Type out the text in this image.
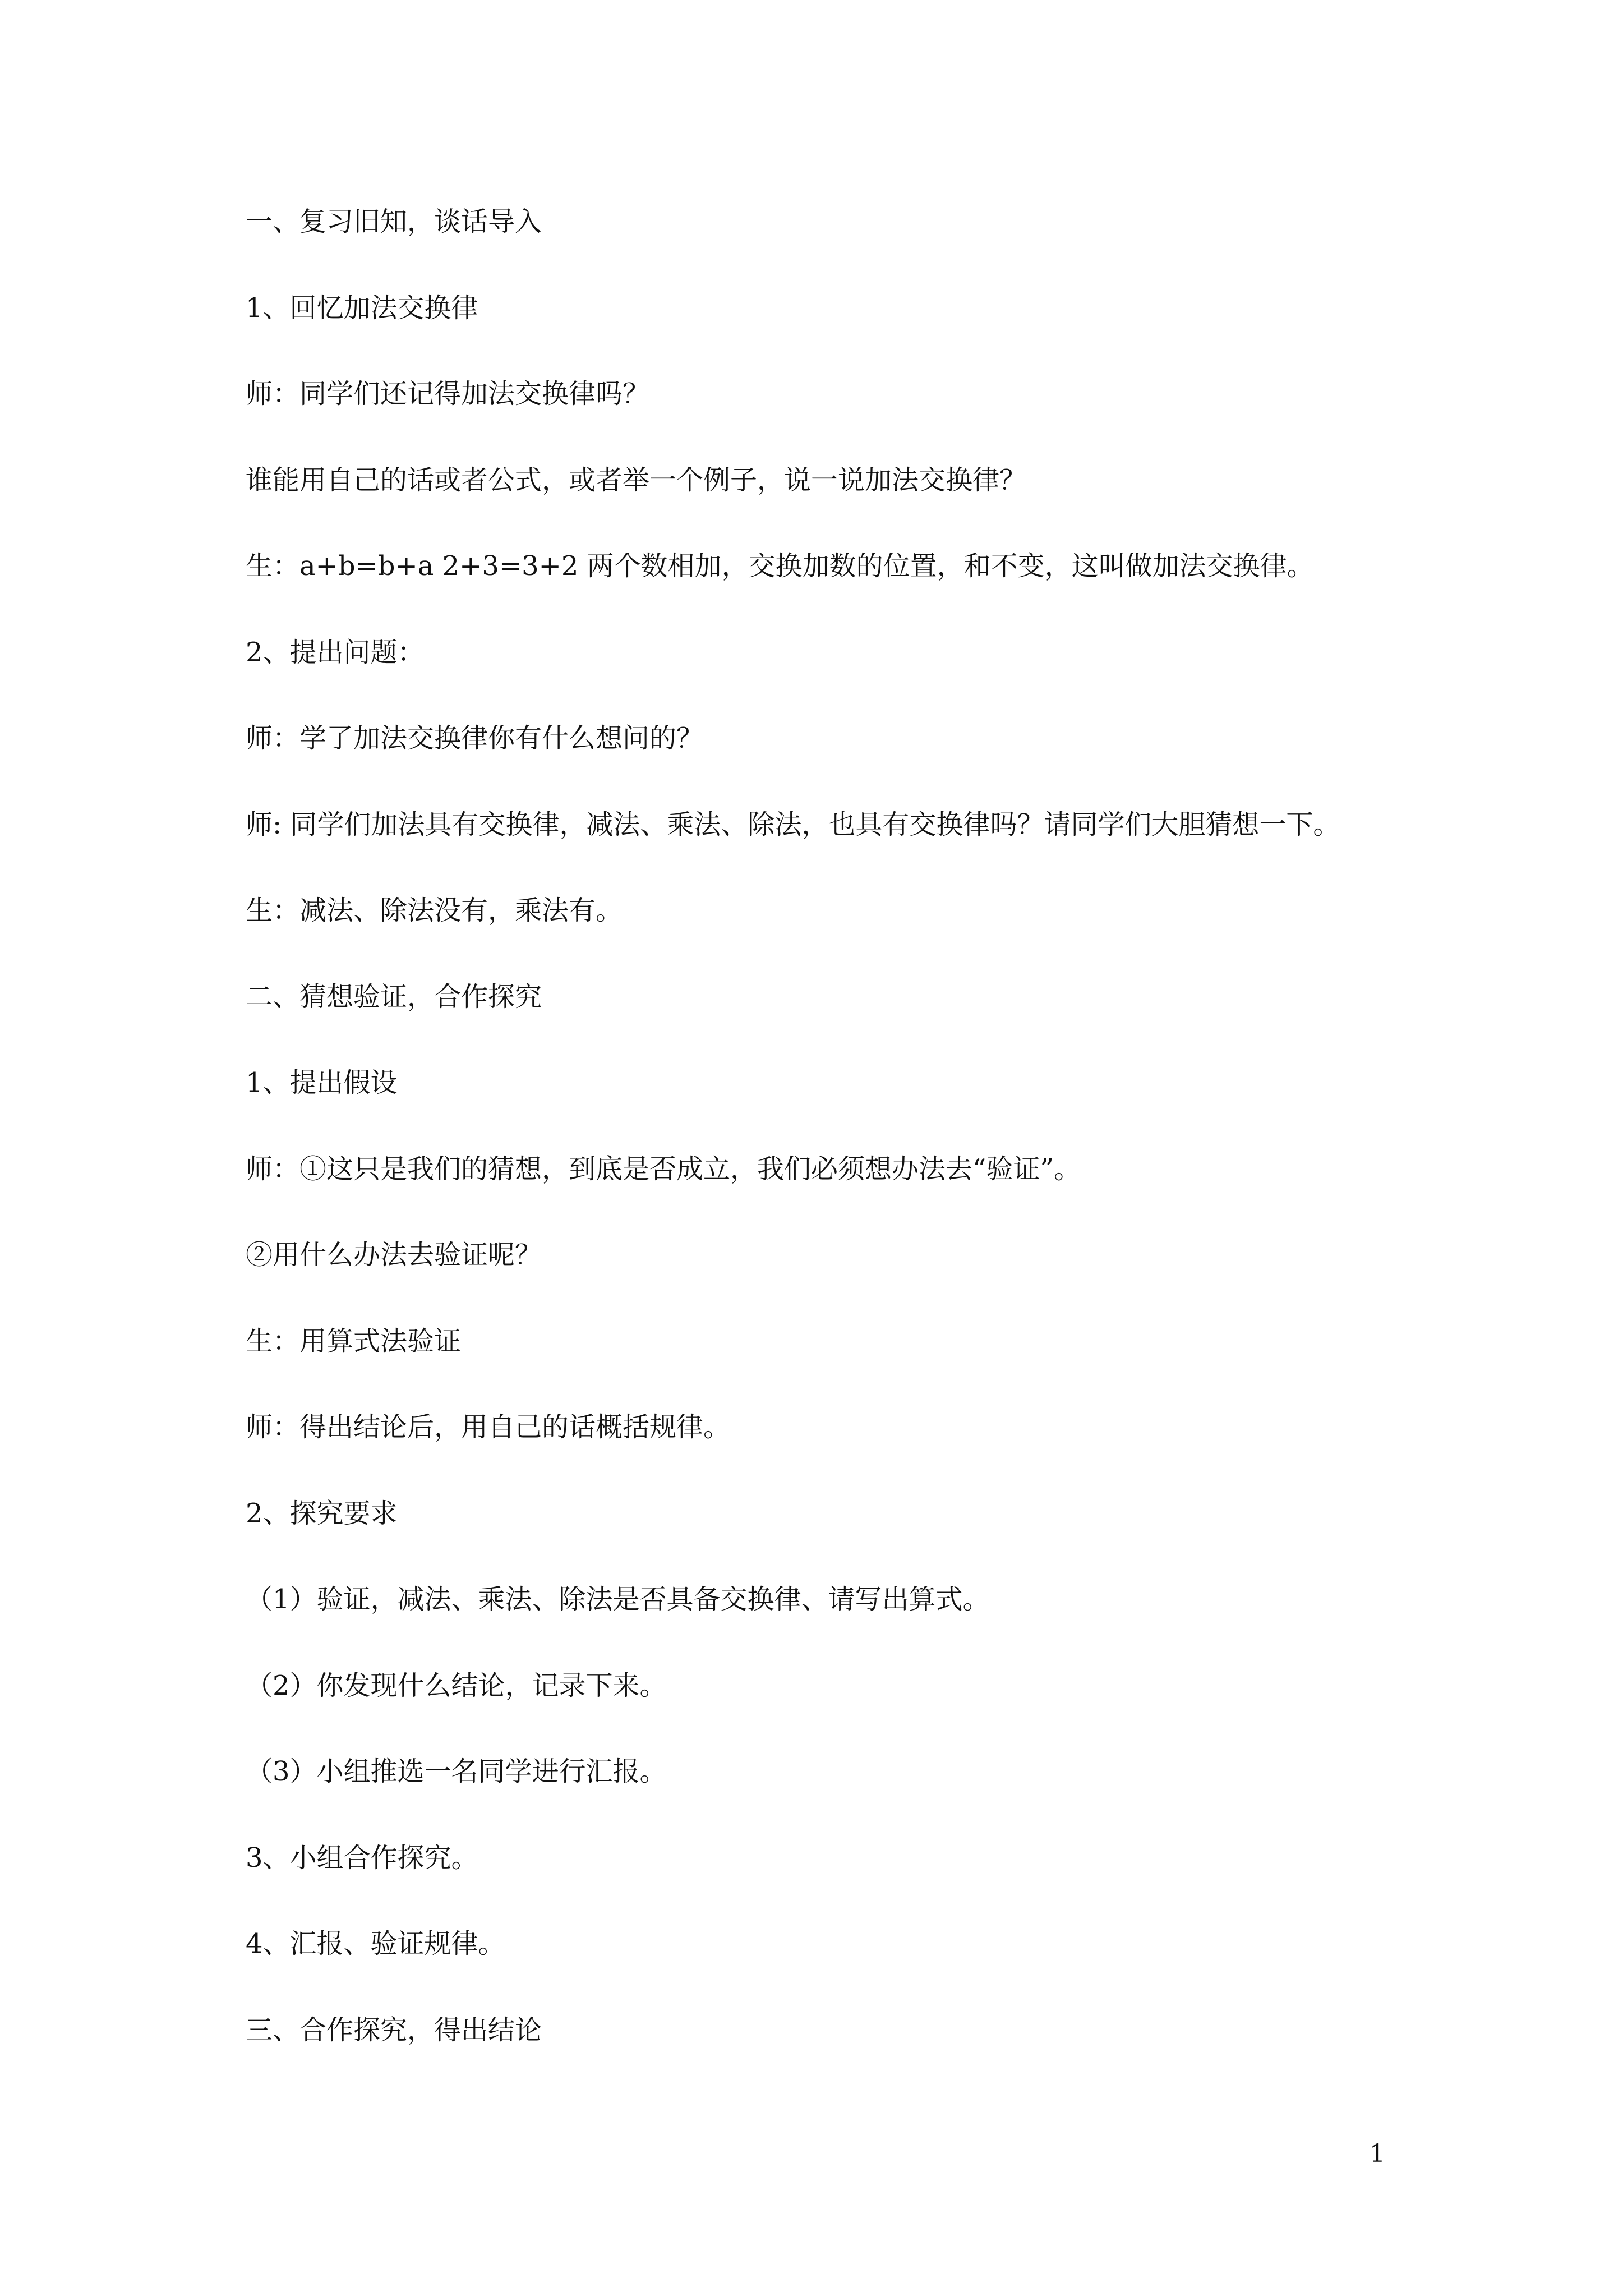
一、复习旧知，谈话导入
1、回忆加法交换律
师：同学们还记得加法交换律吗？
谁能用自己的话或者公式，或者举一个例子，说一说加法交换律？
生：a+b=b+a 2+3=3+2 两个数相加，交换加数的位置，和不变，这叫做加法交换律。
2、提出问题：
师：学了加法交换律你有什么想问的？
师: 同学们加法具有交换律，减法、乘法、除法，也具有交换律吗？请同学们大胆猜想一下。
生：减法、除法没有，乘法有。
二、猜想验证，合作探究
1、提出假设
师：①这只是我们的猜想，到底是否成立，我们必须想办法去“验证”。
②用什么办法去验证呢？
生：用算式法验证
师：得出结论后，用自己的话概括规律。
2、探究要求
（1）验证，减法、乘法、除法是否具备交换律、请写出算式。
（2）你发现什么结论，记录下来。
（3）小组推选一名同学进行汇报。
3、小组合作探究。
4、汇报、验证规律。
三、合作探究，得出结论
1
